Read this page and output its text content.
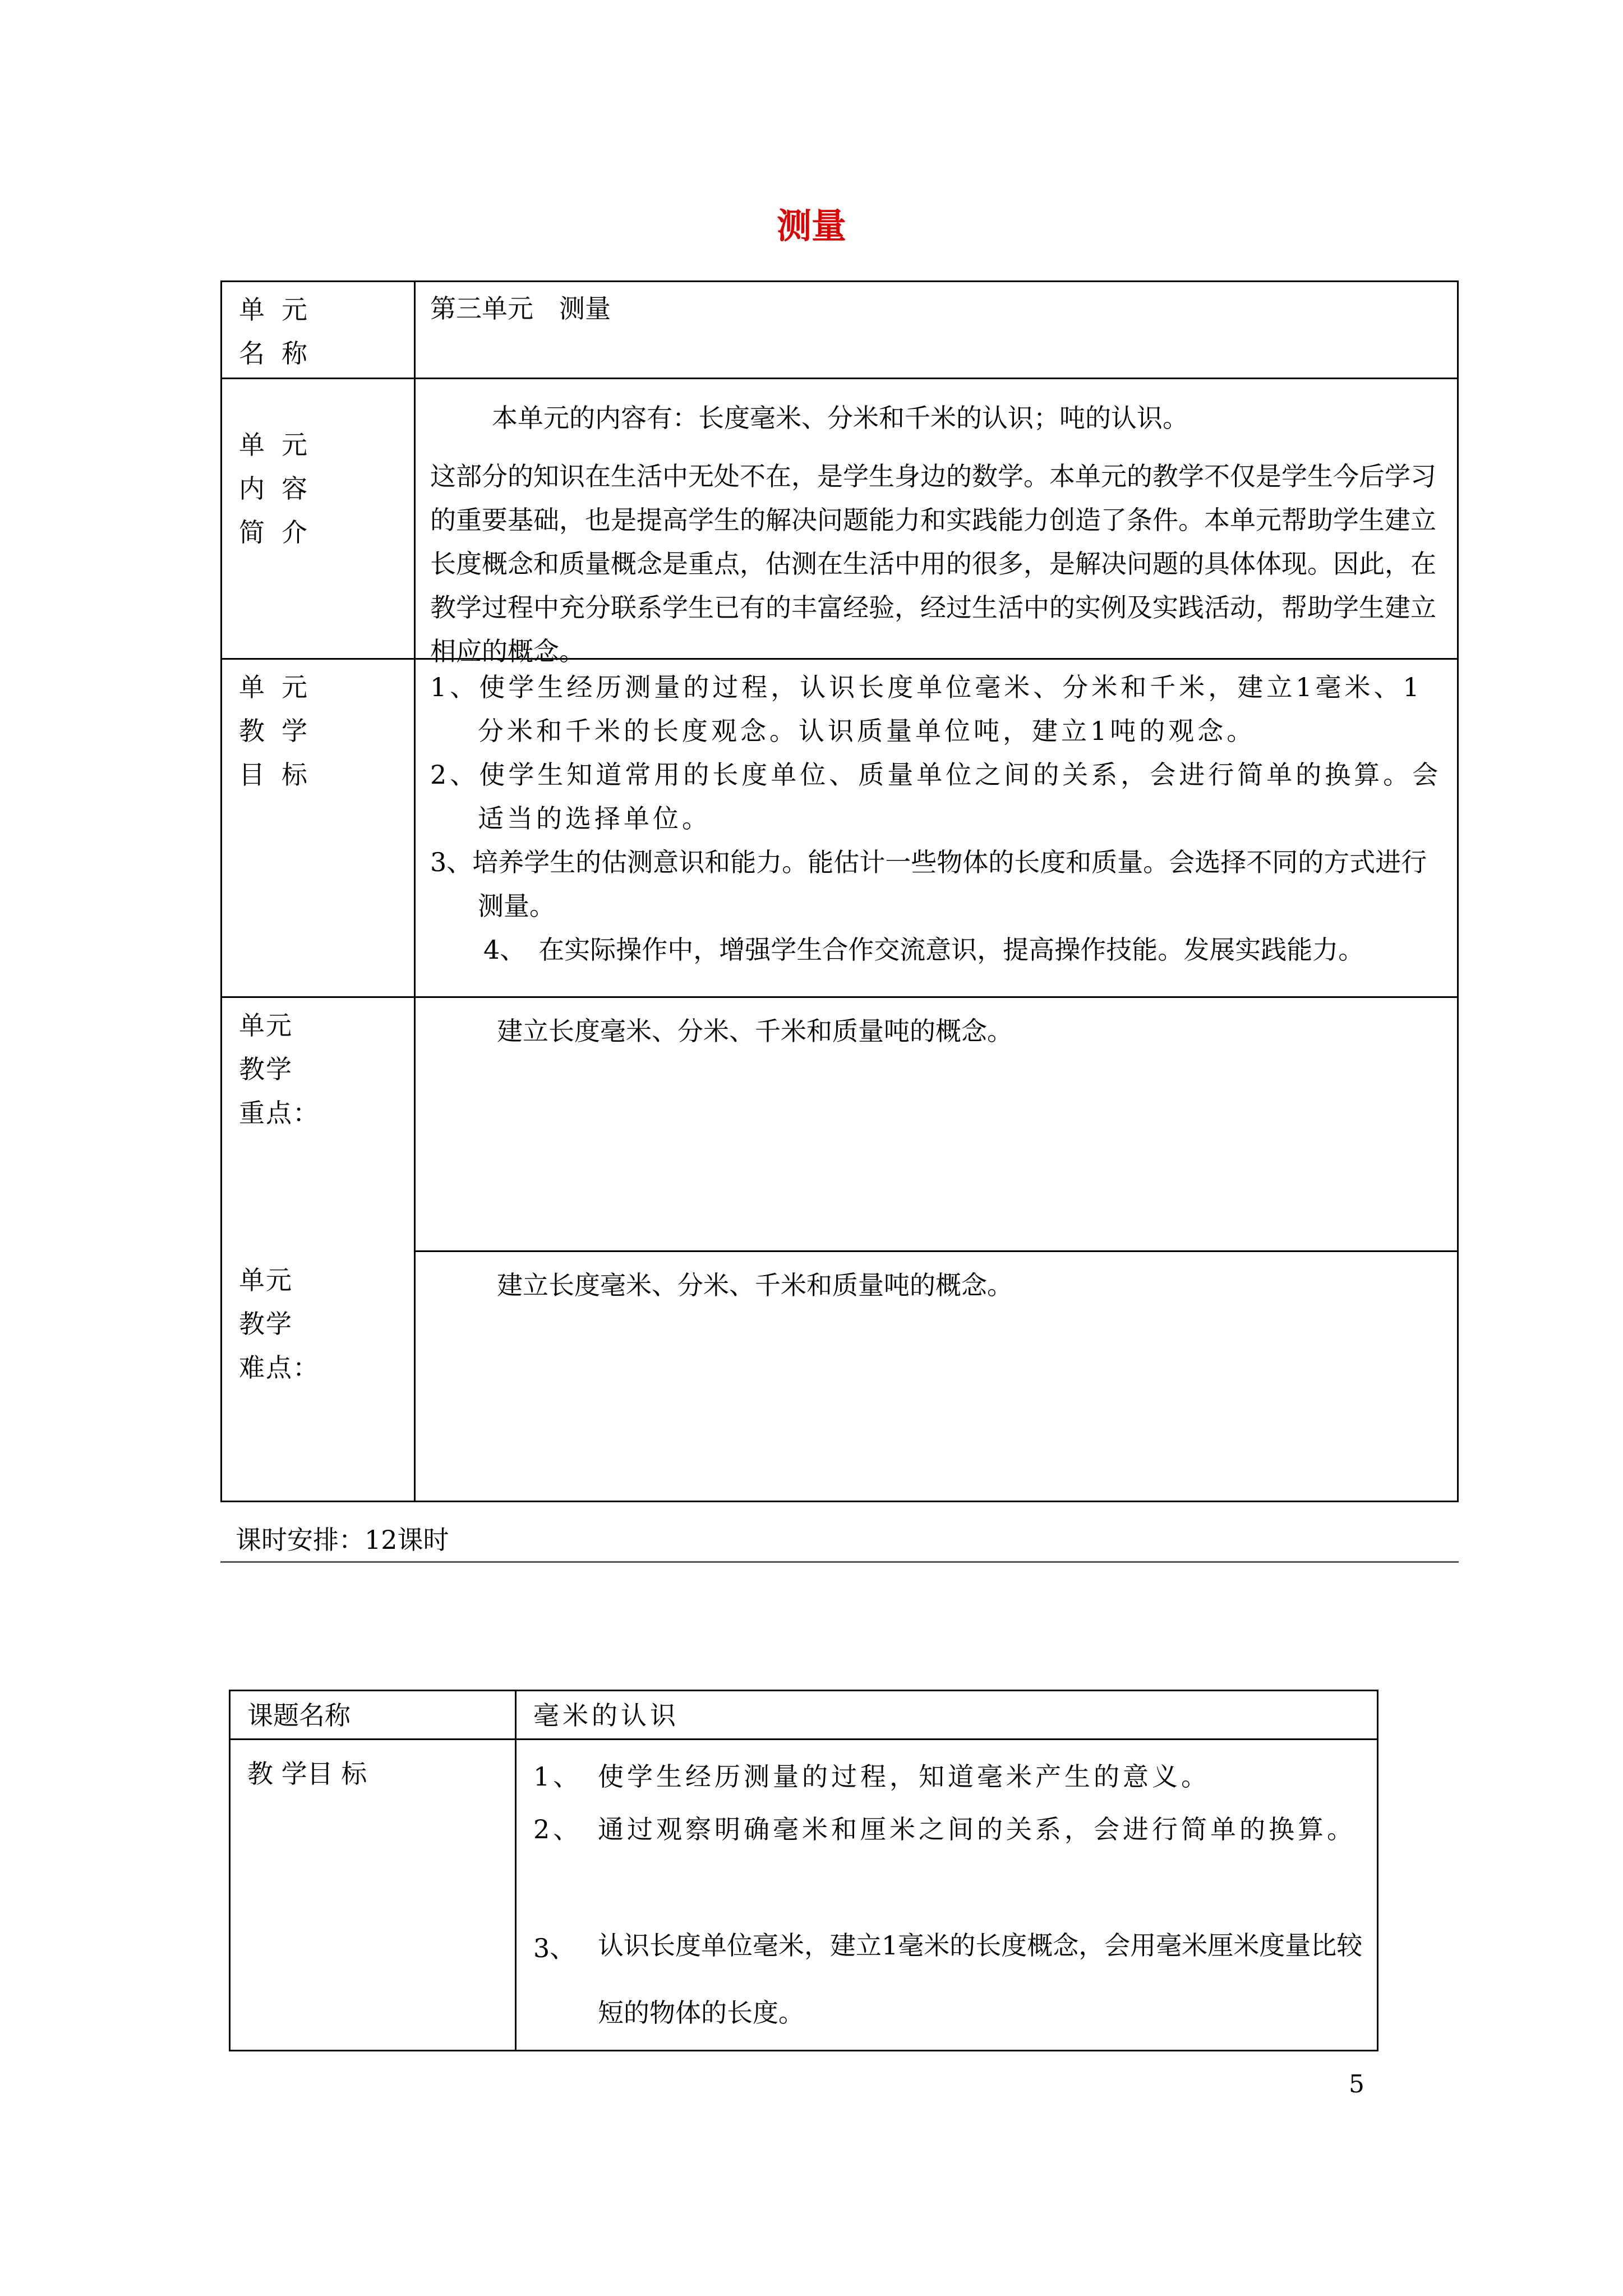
测量
单元
名称
第三单元　测量
单元
内容
简介

本单元的内容有：长度毫米、分米和千米的认识；吨的认识。

这部分的知识在生活中无处不在，是学生身边的数学。本单元的教学不仅是学生今后学习的重要基础，也是提高学生的解决问题能力和实践能力创造了条件。本单元帮助学生建立长度概念和质量概念是重点，估测在生活中用的很多，是解决问题的具体体现。因此，在教学过程中充分联系学生已有的丰富经验，经过生活中的实例及实践活动，帮助学生建立相应的概念。

单元
教学
目标

1、使学生经历测量的过程，认识长度单位毫米、分米和千米，建立1毫米、1分米和千米的长度观念。认识质量单位吨，建立1吨的观念。

2、使学生知道常用的长度单位、质量单位之间的关系，会进行简单的换算。会适当的选择单位。

3、培养学生的估测意识和能力。能估计一些物体的长度和质量。会选择不同的方式进行测量。

4、　在实际操作中，增强学生合作交流意识，提高操作技能。发展实践能力。

单元
教学
重点：
建立长度毫米、分米、千米和质量吨的概念。
单元
教学
难点：
建立长度毫米、分米、千米和质量吨的概念。
课时安排：12课时
课题名称	毫米的认识
教 学目 标	1、 使学生经历测量的过程，知道毫米产生的意义。
2、 通过观察明确毫米和厘米之间的关系，会进行简单的换算。
3、 认识长度单位毫米，建立1毫米的长度概念，会用毫米厘米度量比较短的物体的长度。
5
